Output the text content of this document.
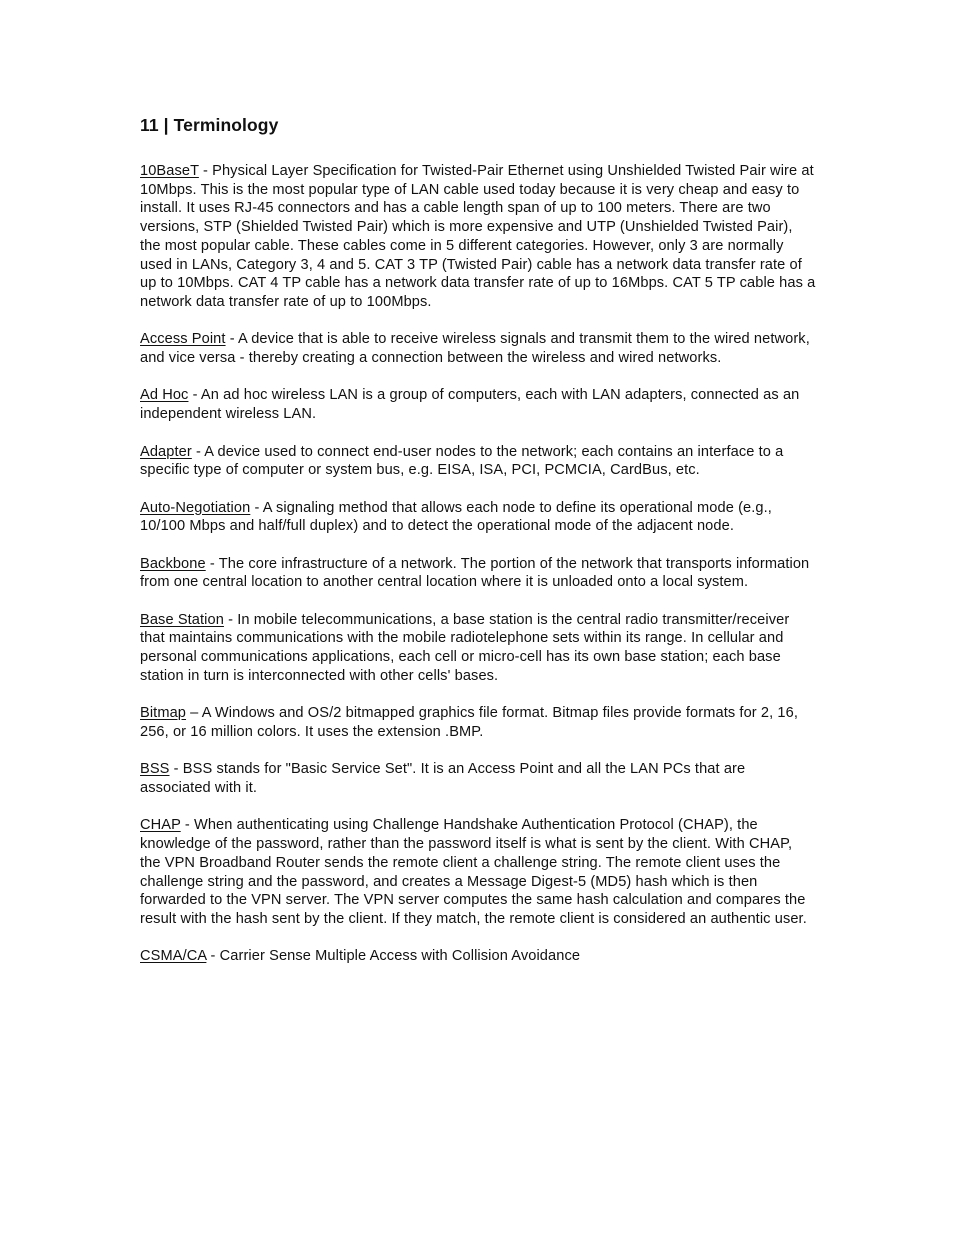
11 | Terminology

10BaseT - Physical Layer Specification for Twisted-Pair Ethernet using Unshielded Twisted Pair wire at 10Mbps. This is the most popular type of LAN cable used today because it is very cheap and easy to install. It uses RJ-45 connectors and has a cable length span of up to 100 meters. There are two versions, STP (Shielded Twisted Pair) which is more expensive and UTP (Unshielded Twisted Pair), the most popular cable. These cables come in 5 different categories. However, only 3 are normally used in LANs, Category 3, 4 and 5. CAT 3 TP (Twisted Pair) cable has a network data transfer rate of up to 10Mbps. CAT 4 TP cable has a network data transfer rate of up to 16Mbps. CAT 5 TP cable has a network data transfer rate of up to 100Mbps.

Access Point - A device that is able to receive wireless signals and transmit them to the wired network, and vice versa - thereby creating a connection between the wireless and wired networks.

Ad Hoc - An ad hoc wireless LAN is a group of computers, each with LAN adapters, connected as an independent wireless LAN.

Adapter - A device used to connect end-user nodes to the network; each contains an interface to a specific type of computer or system bus, e.g. EISA, ISA, PCI, PCMCIA, CardBus, etc.

Auto-Negotiation - A signaling method that allows each node to define its operational mode (e.g., 10/100 Mbps and half/full duplex) and to detect the operational mode of the adjacent node.

Backbone - The core infrastructure of a network. The portion of the network that transports information from one central location to another central location where it is unloaded onto a local system.

Base Station - In mobile telecommunications, a base station is the central radio transmitter/receiver that maintains communications with the mobile radiotelephone sets within its range. In cellular and personal communications applications, each cell or micro-cell has its own base station; each base station in turn is interconnected with other cells' bases.

Bitmap – A Windows and OS/2 bitmapped graphics file format. Bitmap files provide formats for 2, 16, 256, or 16 million colors. It uses the extension .BMP.

BSS - BSS stands for "Basic Service Set". It is an Access Point and all the LAN PCs that are associated with it.

CHAP - When authenticating using Challenge Handshake Authentication Protocol (CHAP), the knowledge of the password, rather than the password itself is what is sent by the client. With CHAP, the VPN Broadband Router sends the remote client a challenge string. The remote client uses the challenge string and the password, and creates a Message Digest-5 (MD5) hash which is then forwarded to the VPN server. The VPN server computes the same hash calculation and compares the result with the hash sent by the client. If they match, the remote client is considered an authentic user.

CSMA/CA - Carrier Sense Multiple Access with Collision Avoidance
